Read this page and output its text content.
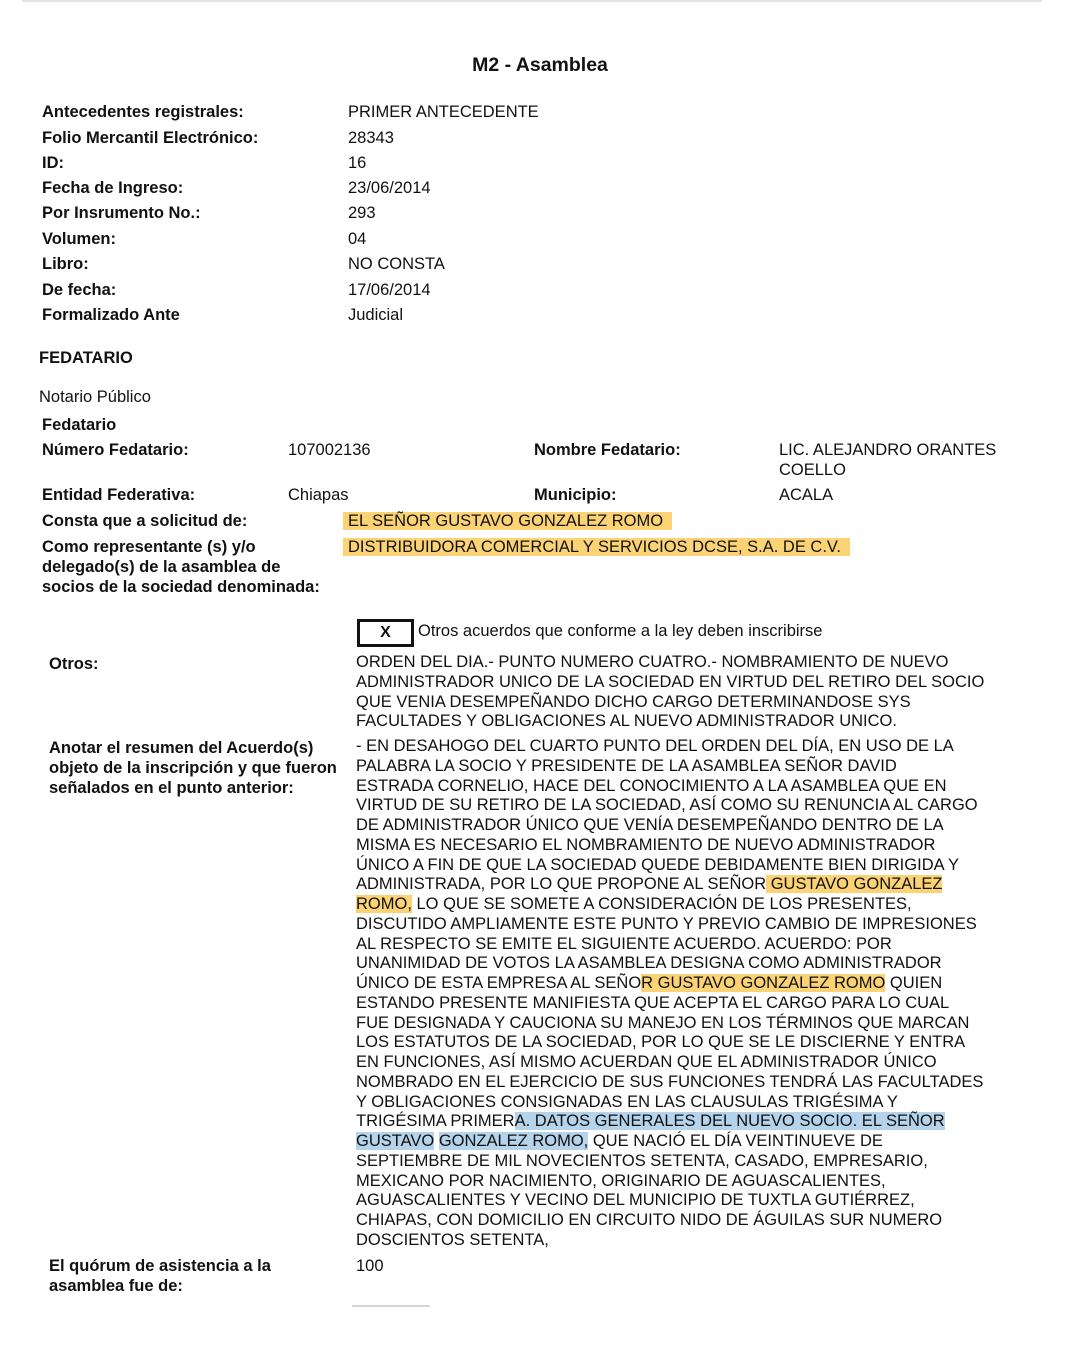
M2 - Asamblea
Antecedentes registrales:	PRIMER ANTECEDENTE
Folio Mercantil Electrónico:	28343
ID:	16
Fecha de Ingreso:	23/06/2014
Por Insrumento No.:	293
Volumen:	04
Libro:	NO CONSTA
De fecha:	17/06/2014
Formalizado Ante	Judicial
FEDATARIO
Notario Público
Fedatario
Número Fedatario:	107002136	Nombre Fedatario:	LIC. ALEJANDRO ORANTES COELLO
Entidad Federativa:	Chiapas	Municipio:	ACALA
Consta que a solicitud de:	EL SEÑOR GUSTAVO GONZALEZ ROMO
Como representante (s) y/o delegado(s) de la asamblea de socios de la sociedad denominada:
DISTRIBUIDORA COMERCIAL Y SERVICIOS DCSE, S.A. DE C.V.
X	Otros acuerdos que conforme a la ley deben inscribirse
Otros:	ORDEN DEL DIA.- PUNTO NUMERO CUATRO.- NOMBRAMIENTO DE NUEVO
ADMINISTRADOR UNICO DE LA SOCIEDAD EN VIRTUD DEL RETIRO DEL SOCIO
QUE VENIA DESEMPEÑANDO DICHO CARGO DETERMINANDOSE SYS
FACULTADES Y OBLIGACIONES AL NUEVO ADMINISTRADOR UNICO.
Anotar el resumen del Acuerdo(s) objeto de la inscripción y que fueron señalados en el punto anterior:
- EN DESAHOGO DEL CUARTO PUNTO DEL ORDEN DEL DÍA, EN USO DE LA
PALABRA LA SOCIO Y PRESIDENTE DE LA ASAMBLEA SEÑOR DAVID
ESTRADA CORNELIO, HACE DEL CONOCIMIENTO A LA ASAMBLEA QUE EN
VIRTUD DE SU RETIRO DE LA SOCIEDAD, ASÍ COMO SU RENUNCIA AL CARGO
DE ADMINISTRADOR ÚNICO QUE VENÍA DESEMPEÑANDO DENTRO DE LA
MISMA ES NECESARIO EL NOMBRAMIENTO DE NUEVO ADMINISTRADOR
ÚNICO A FIN DE QUE LA SOCIEDAD QUEDE DEBIDAMENTE BIEN DIRIGIDA Y
ADMINISTRADA, POR LO QUE PROPONE AL SEÑOR GUSTAVO GONZALEZ
ROMO, LO QUE SE SOMETE A CONSIDERACIÓN DE LOS PRESENTES,
DISCUTIDO AMPLIAMENTE ESTE PUNTO Y PREVIO CAMBIO DE IMPRESIONES
AL RESPECTO SE EMITE EL SIGUIENTE ACUERDO. ACUERDO: POR
UNANIMIDAD DE VOTOS LA ASAMBLEA DESIGNA COMO ADMINISTRADOR
ÚNICO DE ESTA EMPRESA AL SEÑOR GUSTAVO GONZALEZ ROMO QUIEN
ESTANDO PRESENTE MANIFIESTA QUE ACEPTA EL CARGO PARA LO CUAL
FUE DESIGNADA Y CAUCIONA SU MANEJO EN LOS TÉRMINOS QUE MARCAN
LOS ESTATUTOS DE LA SOCIEDAD, POR LO QUE SE LE DISCIERNE Y ENTRA
EN FUNCIONES, ASÍ MISMO ACUERDAN QUE EL ADMINISTRADOR ÚNICO
NOMBRADO EN EL EJERCICIO DE SUS FUNCIONES TENDRÁ LAS FACULTADES
Y OBLIGACIONES CONSIGNADAS EN LAS CLAUSULAS TRIGÉSIMA Y
TRIGÉSIMA PRIMERA. DATOS GENERALES DEL NUEVO SOCIO. EL SEÑOR
GUSTAVO GONZALEZ ROMO, QUE NACIÓ EL DÍA VEINTINUEVE DE
SEPTIEMBRE DE MIL NOVECIENTOS SETENTA, CASADO, EMPRESARIO,
MEXICANO POR NACIMIENTO, ORIGINARIO DE AGUASCALIENTES,
AGUASCALIENTES Y VECINO DEL MUNICIPIO DE TUXTLA GUTIÉRREZ,
CHIAPAS, CON DOMICILIO EN CIRCUITO NIDO DE ÁGUILAS SUR NUMERO
DOSCIENTOS SETENTA,
El quórum de asistencia a la asamblea fue de:
100
